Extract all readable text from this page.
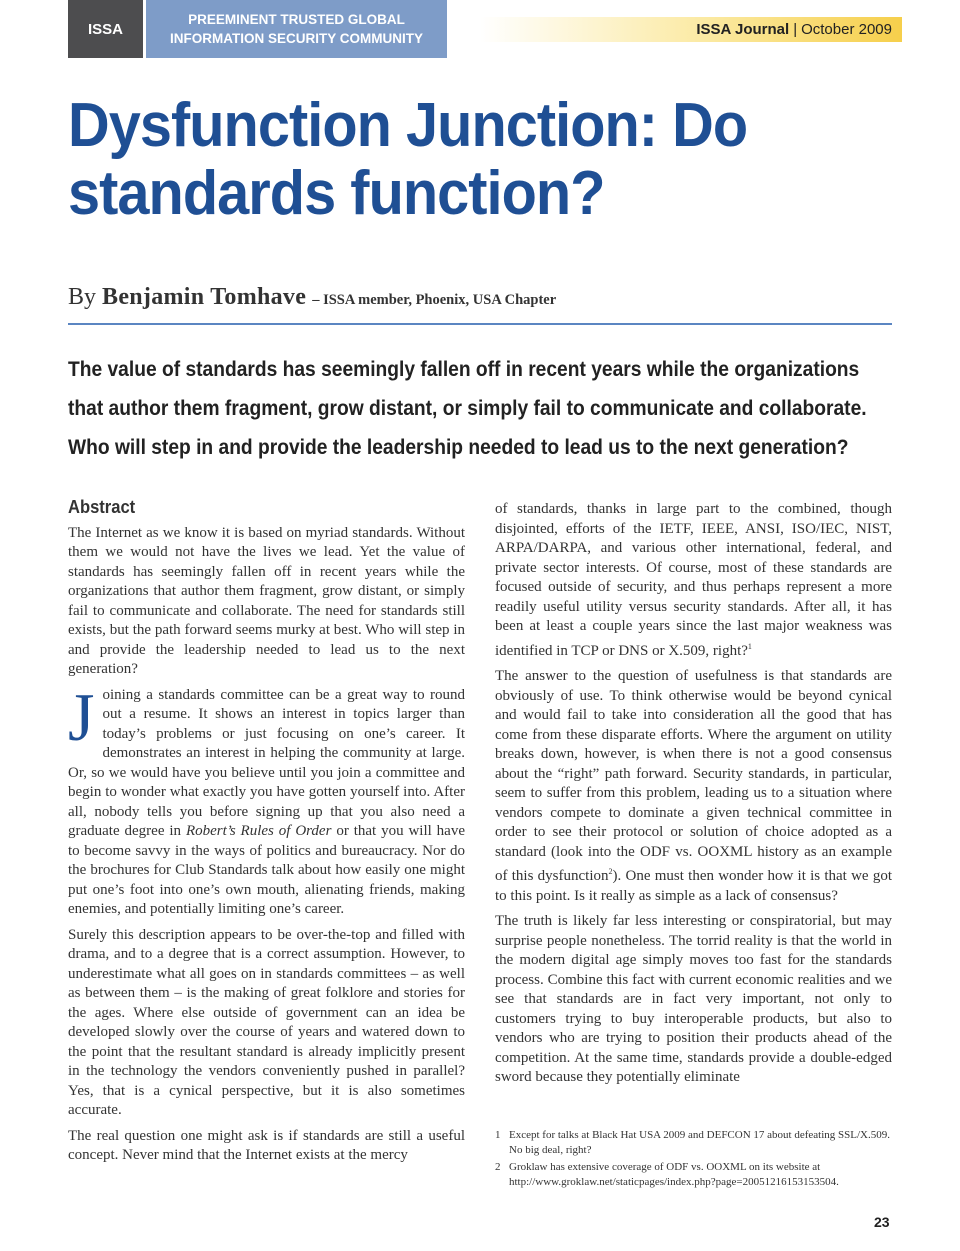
ISSA
PREEMINENT TRUSTED GLOBAL
INFORMATION SECURITY COMMUNITY
ISSA Journal | October 2009
Dysfunction Junction: Do standards function?
By Benjamin Tomhave – ISSA member, Phoenix, USA Chapter

The value of standards has seemingly fallen off in recent years while the organizations that author them fragment, grow distant, or simply fail to communicate and collaborate. Who will step in and provide the leadership needed to lead us to the next generation?

Abstract

The Internet as we know it is based on myriad standards. Without them we would not have the lives we lead. Yet the value of standards has seemingly fallen off in recent years while the organizations that author them fragment, grow distant, or simply fail to communicate and collaborate. The need for standards still exists, but the path forward seems murky at best. Who will step in and provide the leadership needed to lead us to the next generation?

Joining a standards committee can be a great way to round out a resume. It shows an interest in topics larger than today’s problems or just focusing on one’s career. It demonstrates an interest in helping the community at large. Or, so we would have you believe until you join a committee and begin to wonder what exactly you have gotten yourself into. After all, nobody tells you before signing up that you also need a graduate degree in Robert’s Rules of Order or that you will have to become savvy in the ways of politics and bureaucracy. Nor do the brochures for Club Standards talk about how easily one might put one’s foot into one’s own mouth, alienating friends, making enemies, and potentially limiting one’s career.

Surely this description appears to be over-the-top and filled with drama, and to a degree that is a correct assumption. However, to underestimate what all goes on in standards committees – as well as between them – is the making of great folklore and stories for the ages. Where else outside of government can an idea be developed slowly over the course of years and watered down to the point that the resultant standard is already implicitly present in the technology the vendors conveniently pushed in parallel? Yes, that is a cynical perspective, but it is also sometimes accurate.

The real question one might ask is if standards are still a useful concept. Never mind that the Internet exists at the mercy

of standards, thanks in large part to the combined, though disjointed, efforts of the IETF, IEEE, ANSI, ISO/IEC, NIST, ARPA/DARPA, and various other international, federal, and private sector interests. Of course, most of these standards are focused outside of security, and thus perhaps represent a more readily useful utility versus security standards. After all, it has been at least a couple years since the last major weakness was identified in TCP or DNS or X.509, right?$^1$

The answer to the question of usefulness is that standards are obviously of use. To think otherwise would be beyond cynical and would fail to take into consideration all the good that has come from these disparate efforts. Where the argument on utility breaks down, however, is when there is not a good consensus about the “right” path forward. Security standards, in particular, seem to suffer from this problem, leading us to a situation where vendors compete to dominate a given technical committee in order to see their protocol or solution of choice adopted as a standard (look into the ODF vs. OOXML history as an example of this dysfunction$^2$). One must then wonder how it is that we got to this point. Is it really as simple as a lack of consensus?

The truth is likely far less interesting or conspiratorial, but may surprise people nonetheless. The torrid reality is that the world in the modern digital age simply moves too fast for the standards process. Combine this fact with current economic realities and we see that standards are in fact very important, not only to customers trying to buy interoperable products, but also to vendors who are trying to position their products ahead of the competition. At the same time, standards provide a double-edged sword because they potentially eliminate

1 Except for talks at Black Hat USA 2009 and DEFCON 17 about defeating SSL/X.509. No big deal, right?
2 Groklaw has extensive coverage of ODF vs. OOXML on its website at http://www.groklaw.net/staticpages/index.php?page=20051216153153504.
23
